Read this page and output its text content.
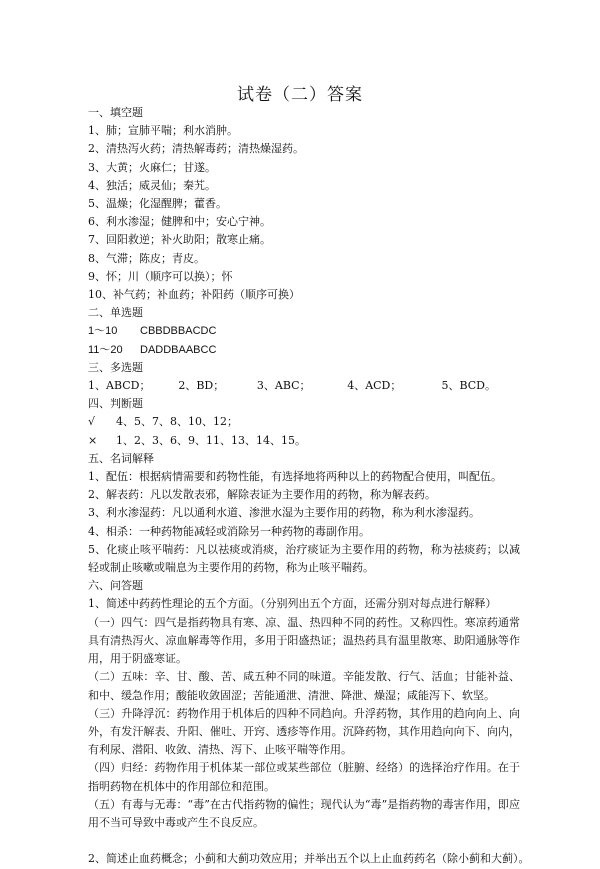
试卷（二）答案

一、填空题

1、肺；宣肺平喘；利水消肿。

2、清热泻火药；清热解毒药；清热燥湿药。

3、大黄；火麻仁；甘遂。

4、独活；威灵仙；秦艽。

5、温燥；化湿醒脾；藿香。

6、利水渗湿；健脾和中；安心宁神。

7、回阳救逆；补火助阳；散寒止痛。

8、气滞；陈皮；青皮。

9、怀；川（顺序可以换）；怀

10、补气药；补血药；补阳药（顺序可换）

二、单选题

1～10	CBBDBBACDC
11～20	DADDBAABCC

三、多选题

1、ABCD；	2、BD；	3、ABC；	4、ACD；	5、BCD。

四、判断题

√	4、5、7、8、10、12；
×	1、2、3、6、9、11、13、14、15。

五、名词解释

1、配伍：根据病情需要和药物性能，有选择地将两种以上的药物配合使用，叫配伍。

2、解表药：凡以发散表邪，解除表证为主要作用的药物，称为解表药。

3、利水渗湿药：凡以通利水道、渗泄水湿为主要作用的药物，称为利水渗湿药。

4、相杀：一种药物能减轻或消除另一种药物的毒副作用。

5、化痰止咳平喘药：凡以祛痰或消痰，治疗痰证为主要作用的药物，称为祛痰药；以减轻或制止咳嗽或喘息为主要作用的药物，称为止咳平喘药。

六、问答题

1、简述中药药性理论的五个方面。（分别列出五个方面，还需分别对每点进行解释）

（一）四气：四气是指药物具有寒、凉、温、热四种不同的药性。又称四性。寒凉药通常具有清热泻火、凉血解毒等作用，多用于阳盛热证；温热药具有温里散寒、助阳通脉等作用，用于阴盛寒证。

（二）五味：辛、甘、酸、苦、咸五种不同的味道。辛能发散、行气、活血；甘能补益、和中、缓急作用；酸能收敛固涩；苦能通泄、清泄、降泄、燥湿；咸能泻下、软坚。

（三）升降浮沉：药物作用于机体后的四种不同趋向。升浮药物，其作用的趋向向上、向外，有发汗解表、升阳、催吐、开窍、透疹等作用。沉降药物，其作用趋向向下、向内，有利尿、潜阳、收敛、清热、泻下、止咳平喘等作用。

（四）归经：药物作用于机体某一部位或某些部位（脏腑、经络）的选择治疗作用。在于指明药物在机体中的作用部位和范围。

（五）有毒与无毒：“毒”在古代指药物的偏性；现代认为“毒”是指药物的毒害作用，即应用不当可导致中毒或产生不良反应。

2、简述止血药概念；小蓟和大蓟功效应用；并举出五个以上止血药药名（除小蓟和大蓟）。
